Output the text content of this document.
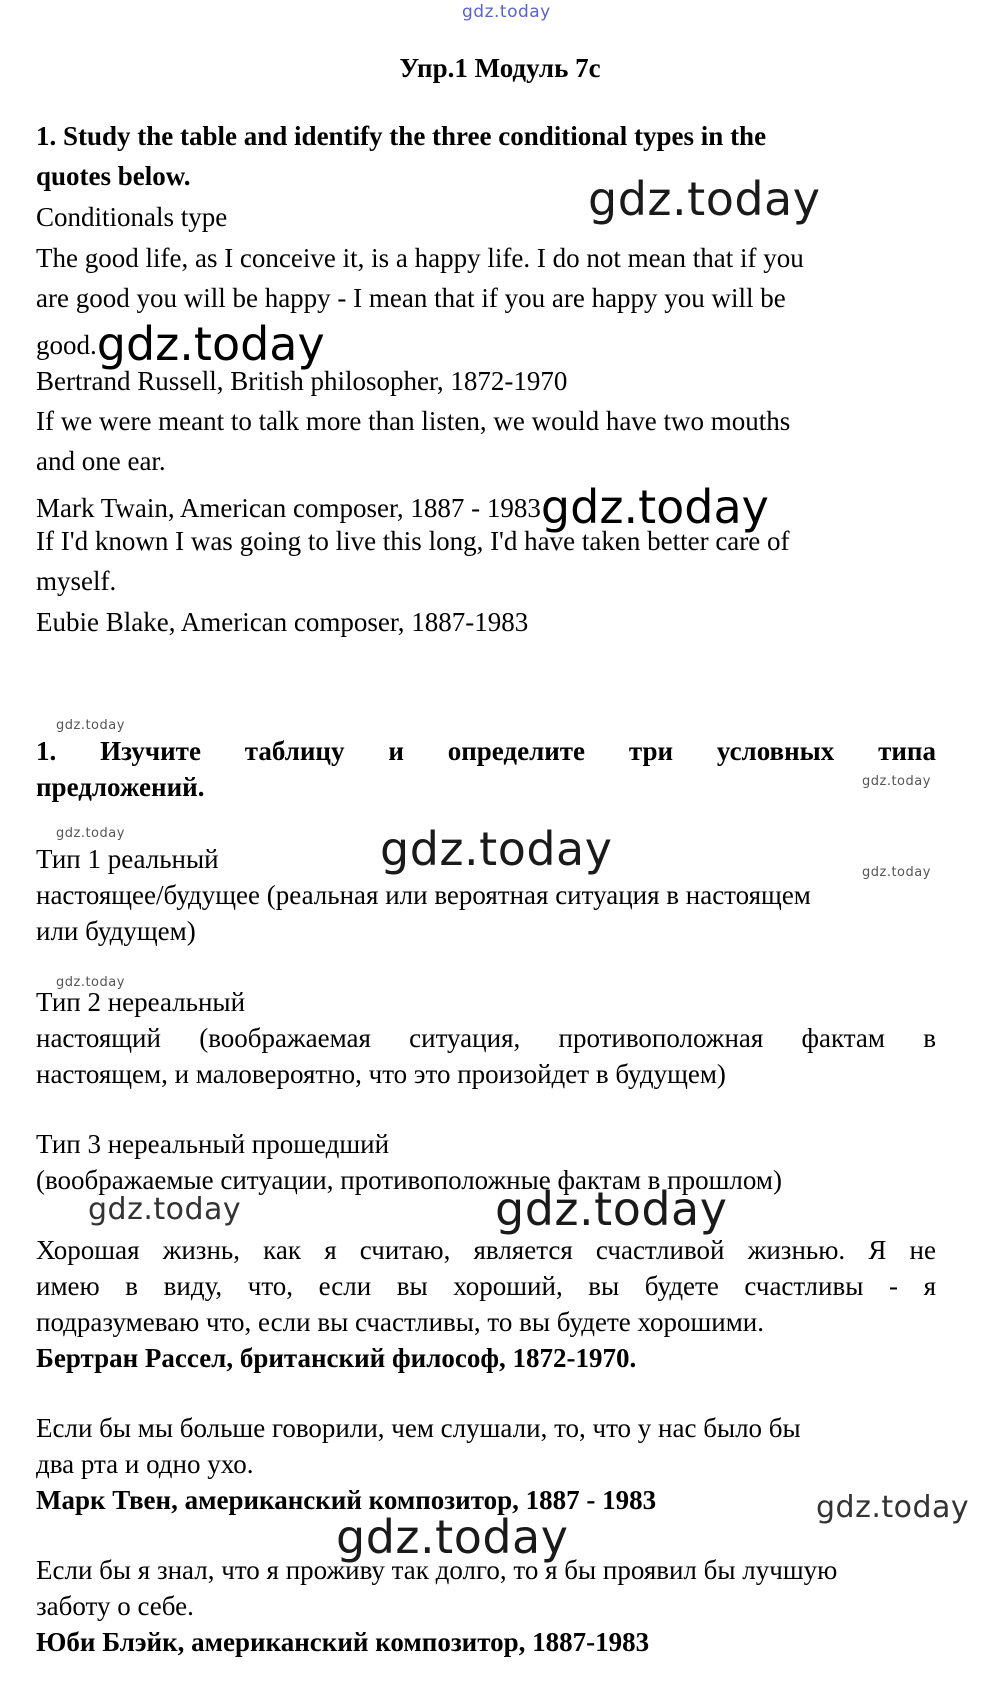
gdz.today
Упр.1 Модуль 7с
1. Study the table and identify the three conditional types in the
quotes below.
Conditionals type	gdz.today
The good life, as I conceive it, is a happy life. I do not mean that if you
are good you will be happy - I mean that if you are happy you will be
good.gdz.today
Bertrand Russell, British philosopher, 1872-1970
If we were meant to talk more than listen, we would have two mouths
and one ear.
Mark Twain, American composer, 1887 - 1983gdz.today
If I'd known I was going to live this long, I'd have taken better care of
myself.
Eubie Blake, American composer, 1887-1983
gdz.today
1. Изучите таблицу и определите три условных типа
предложений.	gdz.today
gdz.today
Тип 1 реальный	gdz.today	gdz.today
настоящее/будущее (реальная или вероятная ситуация в настоящем
или будущем)
gdz.today
Тип 2 нереальный
настоящий (воображаемая ситуация, противоположная фактам в
настоящем, и маловероятно, что это произойдет в будущем)
Тип 3 нереальный прошедший
(воображаемые ситуации, противоположные фактам в прошлом)
gdz.today	gdz.today
Хорошая жизнь, как я считаю, является счастливой жизнью. Я не
имею в виду, что, если вы хороший, вы будете счастливы - я
подразумеваю что, если вы счастливы, то вы будете хорошими.
Бертран Рассел, британский философ, 1872-1970.
Если бы мы больше говорили, чем слушали, то, что у нас было бы
два рта и одно ухо.
Марк Твен, американский композитор, 1887 - 1983	gdz.today
gdz.today
Если бы я знал, что я проживу так долго, то я бы проявил бы лучшую
заботу о себе.
Юби Блэйк, американский композитор, 1887-1983
